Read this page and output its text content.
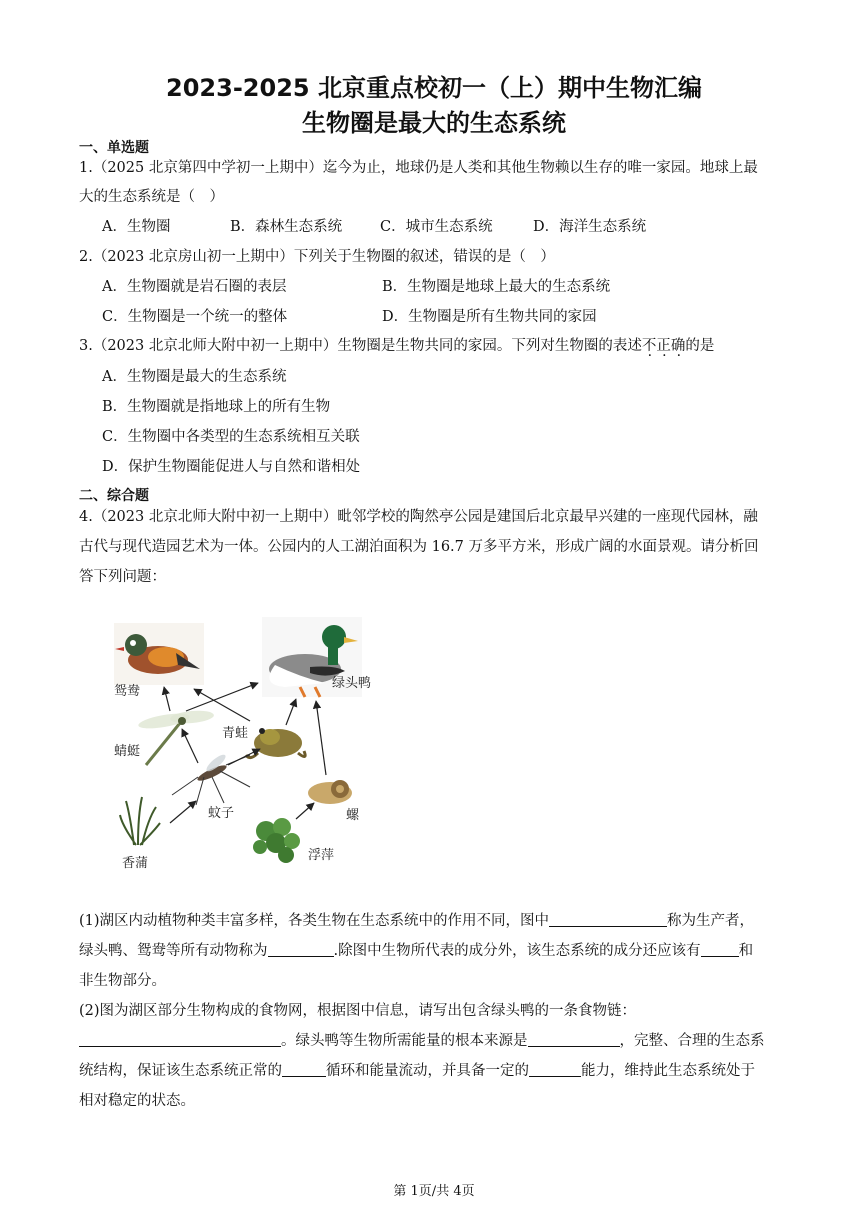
2023-2025 北京重点校初一（上）期中生物汇编
生物圈是最大的生态系统
一、单选题
1.（2025 北京第四中学初一上期中）迄今为止，地球仍是人类和其他生物赖以生存的唯一家园。地球上最
大的生态系统是（　）
A．生物圈	B．森林生态系统	C．城市生态系统	D．海洋生态系统
2.（2023 北京房山初一上期中）下列关于生物圈的叙述，错误的是（　）
A．生物圈就是岩石圈的表层	B．生物圈是地球上最大的生态系统
C．生物圈是一个统一的整体	D．生物圈是所有生物共同的家园
3.（2023 北京北师大附中初一上期中）生物圈是生物共同的家园。下列对生物圈的表述不正确的是
A．生物圈是最大的生态系统
B．生物圈就是指地球上的所有生物
C．生物圈中各类型的生态系统相互关联
D．保护生物圈能促进人与自然和谐相处
二、综合题
4.（2023 北京北师大附中初一上期中）毗邻学校的陶然亭公园是建国后北京最早兴建的一座现代园林，融
古代与现代造园艺术为一体。公园内的人工湖泊面积为 16.7 万多平方米，形成广阔的水面景观。请分析回
答下列问题：
鸳鸯
绿头鸭
蜻蜓
青蛙
蚊子	螺
香蒲
浮萍
(1)湖区内动植物种类丰富多样，各类生物在生态系统中的作用不同，图中	称为生产者，
绿头鸭、鸳鸯等所有动物称为	.除图中生物所代表的成分外，该生态系统的成分还应该有	和
非生物部分。
(2)图为湖区部分生物构成的食物网，根据图中信息，请写出包含绿头鸭的一条食物链：
。绿头鸭等生物所需能量的根本来源是	，完整、合理的生态系
统结构，保证该生态系统正常的	循环和能量流动，并具备一定的	能力，维持此生态系统处于
相对稳定的状态。
第 1页/共 4页
